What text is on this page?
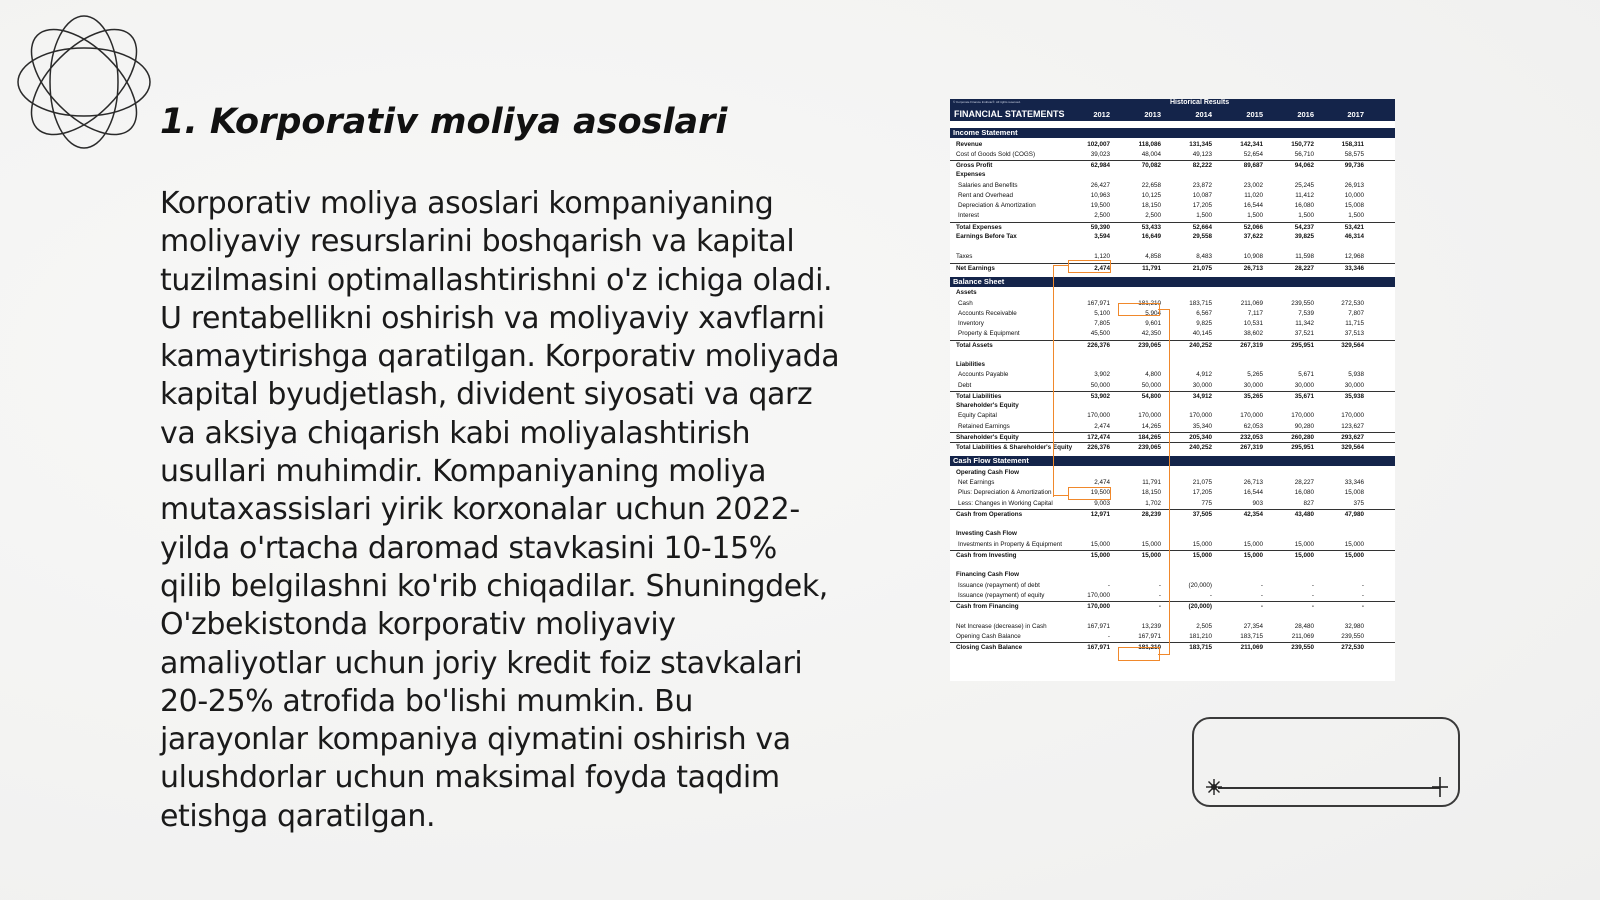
1. Korporativ moliya asoslari
Korporativ moliya asoslari kompaniyaning moliyaviy resurslarini boshqarish va kapital tuzilmasini optimallashtirishni o'z ichiga oladi. U rentabellikni oshirish va moliyaviy xavflarni kamaytirishga qaratilgan. Korporativ moliyada kapital byudjetlash, divident siyosati va qarz va aksiya chiqarish kabi moliyalashtirish usullari muhimdir. Kompaniyaning moliya mutaxassislari yirik korxonalar uchun 2022-yilda o'rtacha daromad stavkasini 10-15% qilib belgilashni ko'rib chiqadilar. Shuningdek, O'zbekistonda korporativ moliyaviy amaliyotlar uchun joriy kredit foiz stavkalari 20-25% atrofida bo'lishi mumkin. Bu jarayonlar kompaniya qiymatini oshirish va ulushdorlar uchun maksimal foyda taqdim etishga qaratilgan.
© Corporate Finance Institute®. All rights reserved.	Historical Results
FINANCIAL STATEMENTS	2012	2013	2014	2015	2016	2017
Income Statement
Revenue	102,007	118,086	131,345	142,341	150,772	158,311
Cost of Goods Sold (COGS)	39,023	48,004	49,123	52,654	56,710	58,575
Gross Profit	62,984	70,082	82,222	89,687	94,062	99,736
Expenses
Salaries and Benefits	26,427	22,658	23,872	23,002	25,245	26,913
Rent and Overhead	10,963	10,125	10,087	11,020	11,412	10,000
Depreciation & Amortization	19,500	18,150	17,205	16,544	16,080	15,008
Interest	2,500	2,500	1,500	1,500	1,500	1,500
Total Expenses	59,390	53,433	52,664	52,066	54,237	53,421
Earnings Before Tax	3,594	16,649	29,558	37,622	39,825	46,314
Taxes	1,120	4,858	8,483	10,908	11,598	12,968
Net Earnings	2,474	11,791	21,075	26,713	28,227	33,346
Balance Sheet
Assets
Cash	167,971	181,210	183,715	211,069	239,550	272,530
Accounts Receivable	5,100	5,904	6,567	7,117	7,539	7,807
Inventory	7,805	9,601	9,825	10,531	11,342	11,715
Property & Equipment	45,500	42,350	40,145	38,602	37,521	37,513
Total Assets	226,376	239,065	240,252	267,319	295,951	329,564
Liabilities
Accounts Payable	3,902	4,800	4,912	5,265	5,671	5,938
Debt	50,000	50,000	30,000	30,000	30,000	30,000
Total Liabilities	53,902	54,800	34,912	35,265	35,671	35,938
Shareholder's Equity
Equity Capital	170,000	170,000	170,000	170,000	170,000	170,000
Retained Earnings	2,474	14,265	35,340	62,053	90,280	123,627
Shareholder's Equity	172,474	184,265	205,340	232,053	260,280	293,627
Total Liabilities & Shareholder's Equity	226,376	239,065	240,252	267,319	295,951	329,564
Cash Flow Statement
Operating Cash Flow
Net Earnings	2,474	11,791	21,075	26,713	28,227	33,346
Plus: Depreciation & Amortization	19,500	18,150	17,205	16,544	16,080	15,008
Less: Changes in Working Capital	9,003	1,702	775	903	827	375
Cash from Operations	12,971	28,239	37,505	42,354	43,480	47,980
Investing Cash Flow
Investments in Property & Equipment	15,000	15,000	15,000	15,000	15,000	15,000
Cash from Investing	15,000	15,000	15,000	15,000	15,000	15,000
Financing Cash Flow
Issuance (repayment) of debt	-	-	(20,000)	-	-	-
Issuance (repayment) of equity	170,000	-	-	-	-	-
Cash from Financing	170,000	-	(20,000)	-	-	-
Net Increase (decrease) in Cash	167,971	13,239	2,505	27,354	28,480	32,980
Opening Cash Balance	-	167,971	181,210	183,715	211,069	239,550
Closing Cash Balance	167,971	181,210	183,715	211,069	239,550	272,530
